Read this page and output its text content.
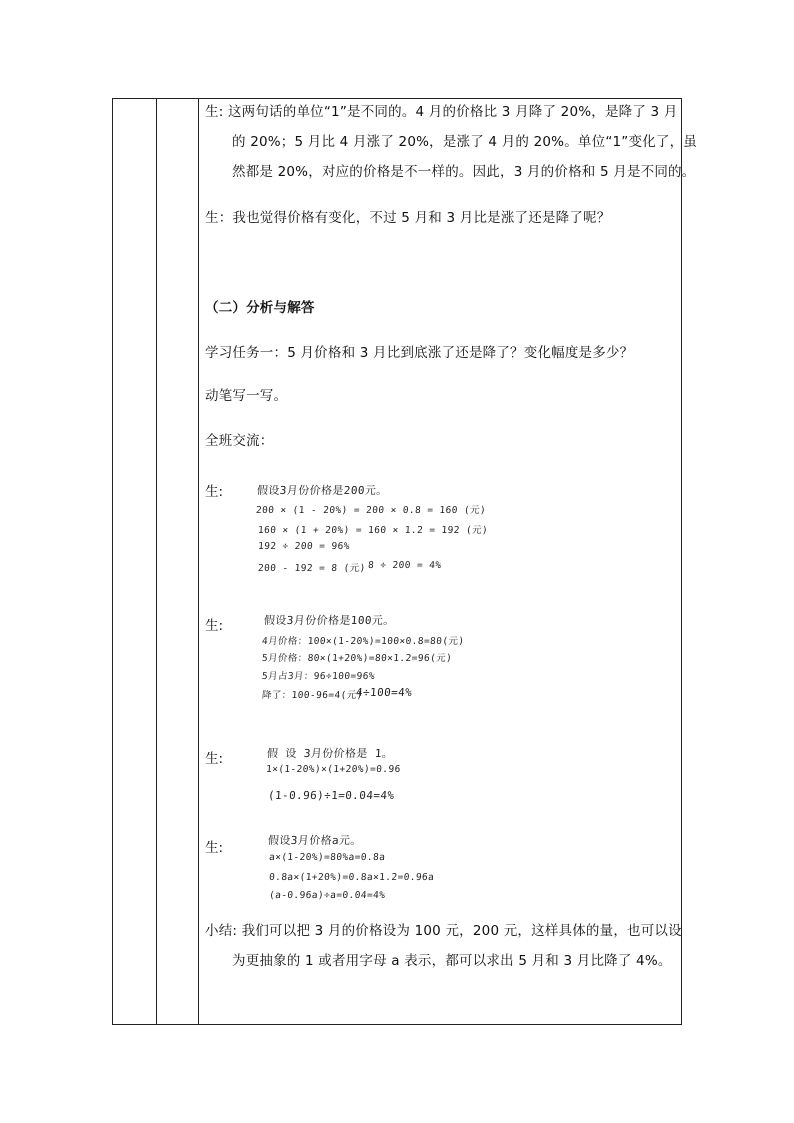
生: 这两句话的单位“1”是不同的。4 月的价格比 3 月降了 20%，是降了 3 月
的 20%；5 月比 4 月涨了 20%，是涨了 4 月的 20%。单位“1”变化了，虽
然都是 20%，对应的价格是不一样的。因此，3 月的价格和 5 月是不同的。
生：我也觉得价格有变化，不过 5 月和 3 月比是涨了还是降了呢？
（二）分析与解答
学习任务一：5 月价格和 3 月比到底涨了还是降了？变化幅度是多少？
动笔写一写。
全班交流：
生:	假设3月份价格是200元。
200 × (1 - 20%) = 200 × 0.8 = 160 (元)
160 × (1 + 20%) = 160 × 1.2 = 192 (元)
192 ÷ 200 = 96%
200 - 192 = 8 (元) 8 ÷ 200 = 4%
生:	假设3月份价格是100元。
4月价格：100×(1-20%)=100×0.8=80(元)
5月价格：80×(1+20%)=80×1.2=96(元)
5月占3月：96÷100=96%
降了：100-96=4(元)
4÷100=4%
生:	假 设 3月份价格是 1。
1×(1-20%)×(1+20%)=0.96
(1-0.96)÷1=0.04=4%
生:	假设3月价格a元。
a×(1-20%)=80%a=0.8a
0.8a×(1+20%)=0.8a×1.2=0.96a
(a-0.96a)÷a=0.04=4%
小结: 我们可以把 3 月的价格设为 100 元，200 元，这样具体的量，也可以设
为更抽象的 1 或者用字母 a 表示，都可以求出 5 月和 3 月比降了 4%。
